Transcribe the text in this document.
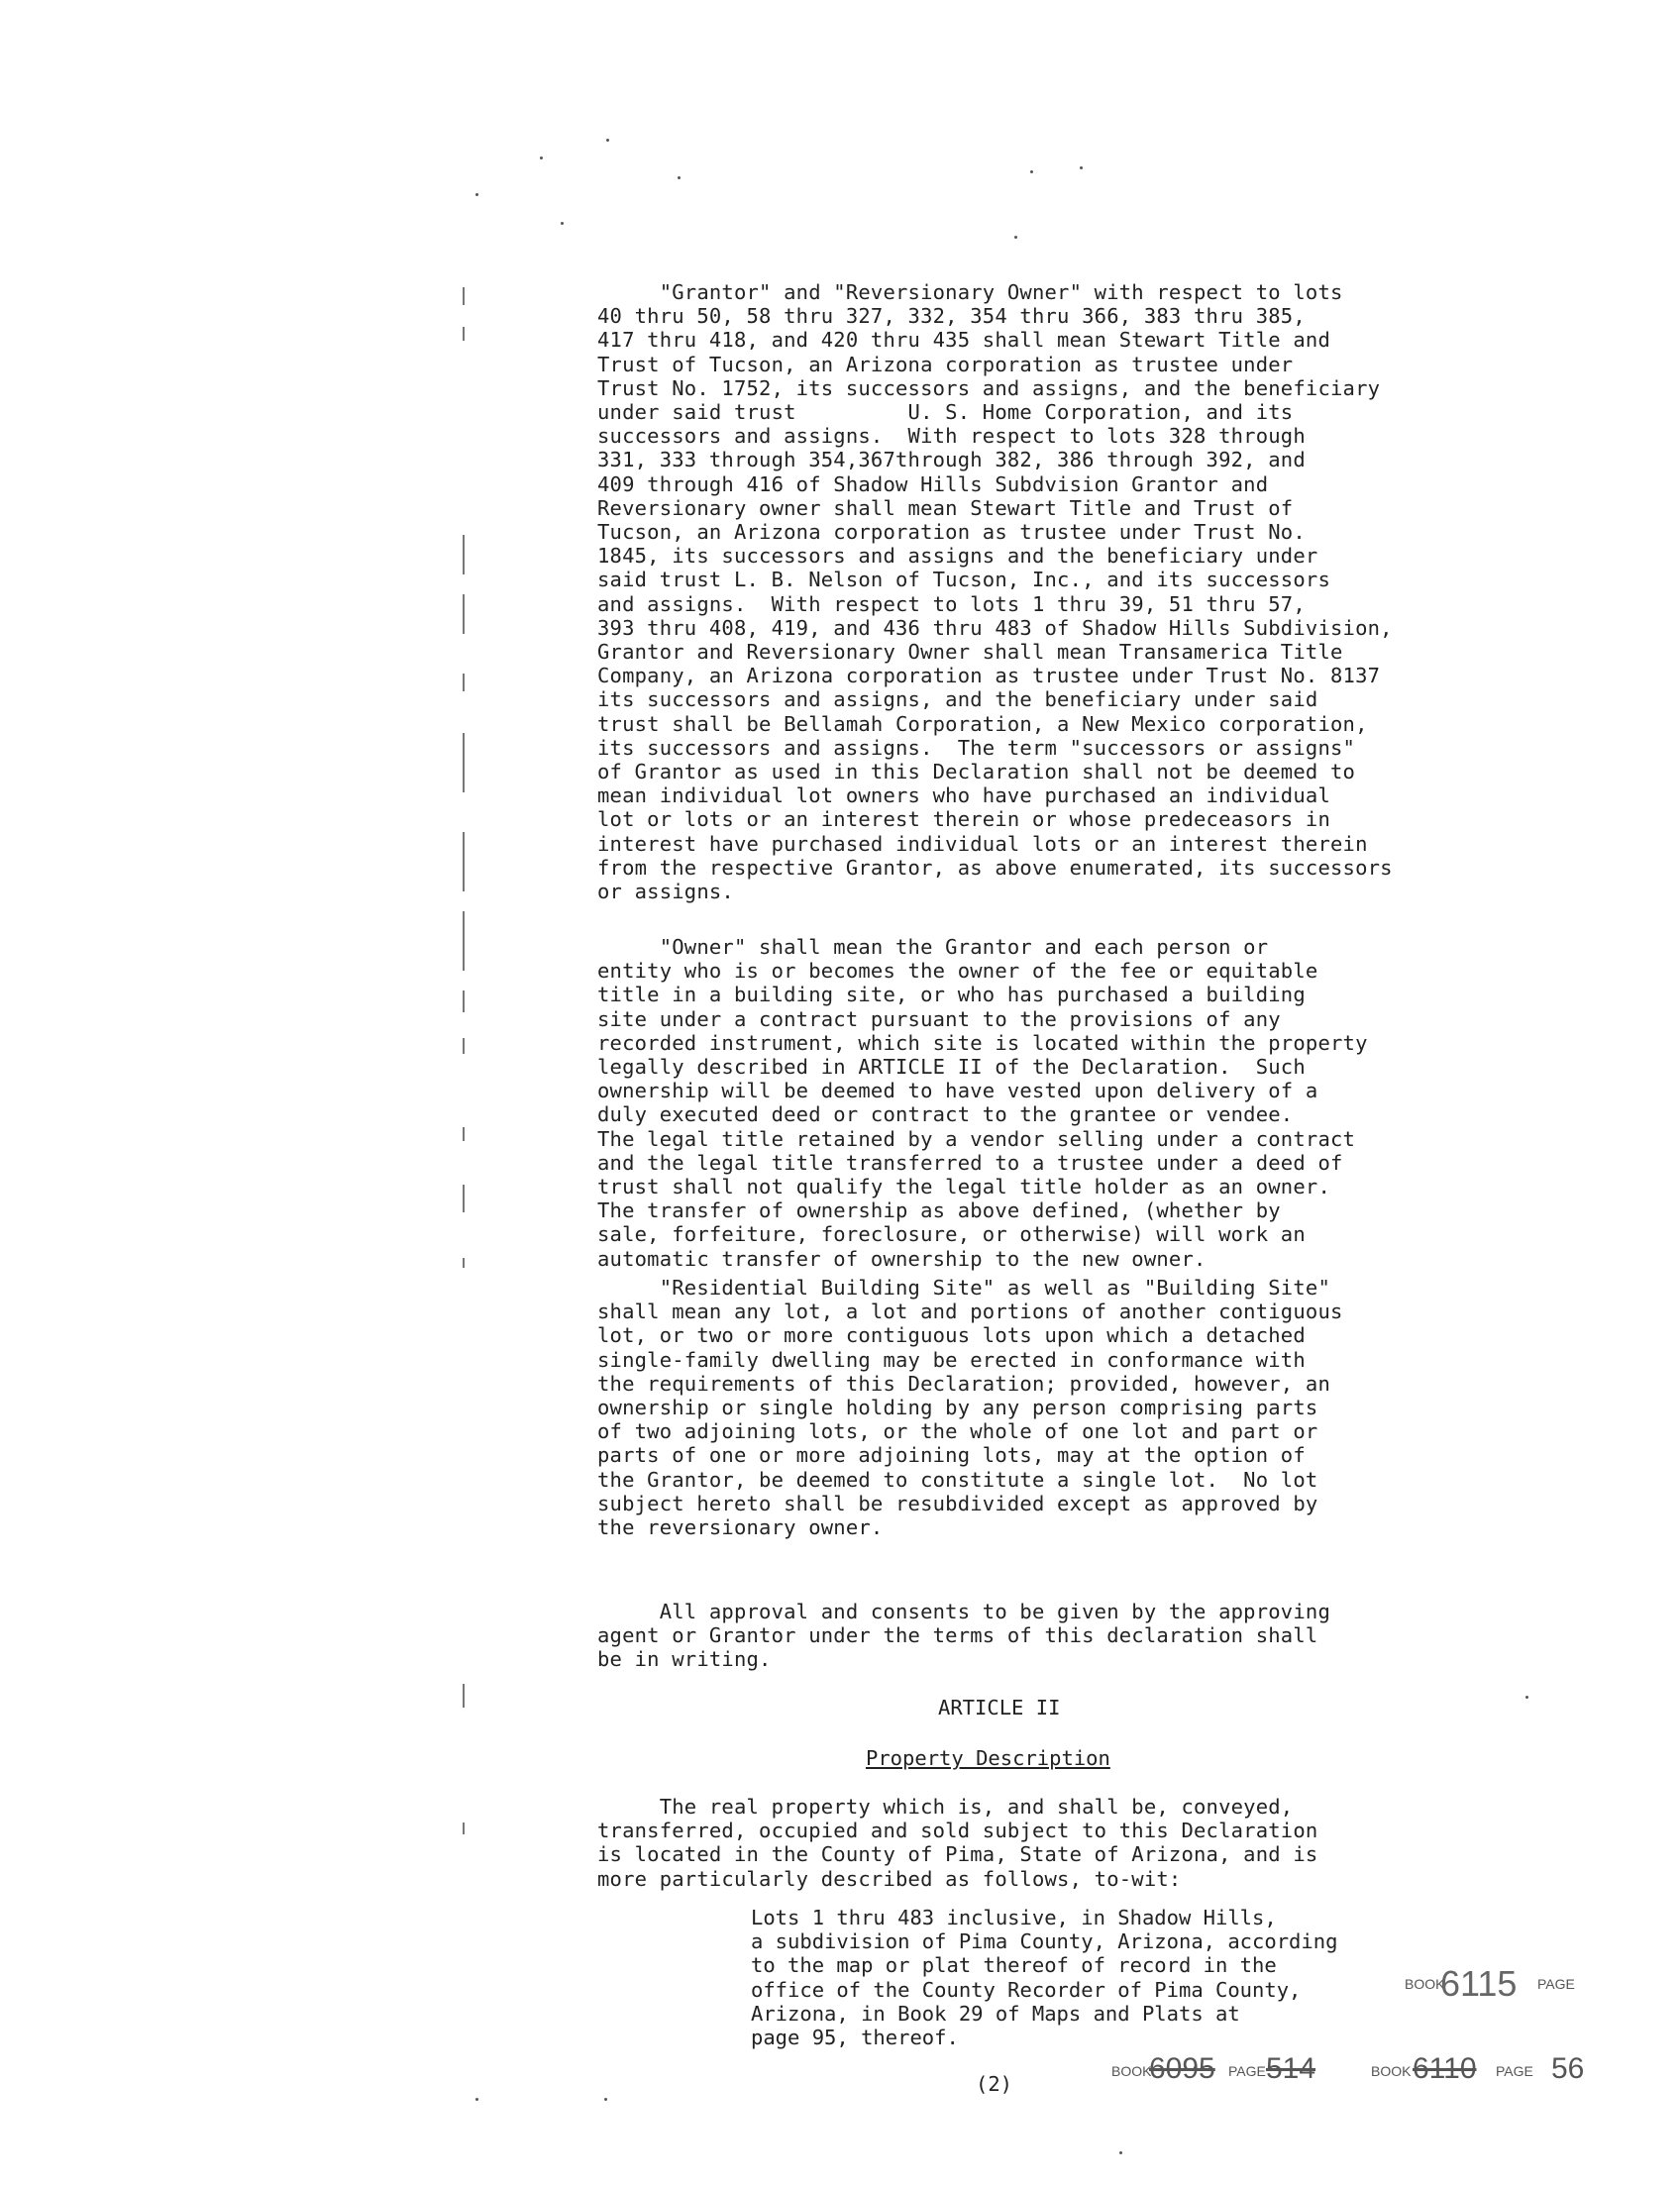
"Grantor" and "Reversionary Owner" with respect to lots
40 thru 50, 58 thru 327, 332, 354 thru 366, 383 thru 385,
417 thru 418, and 420 thru 435 shall mean Stewart Title and
Trust of Tucson, an Arizona corporation as trustee under
Trust No. 1752, its successors and assigns, and the beneficiary
under said trust         U. S. Home Corporation, and its
successors and assigns.  With respect to lots 328 through
331, 333 through 354,367through 382, 386 through 392, and
409 through 416 of Shadow Hills Subdvision Grantor and
Reversionary owner shall mean Stewart Title and Trust of
Tucson, an Arizona corporation as trustee under Trust No.
1845, its successors and assigns and the beneficiary under
said trust L. B. Nelson of Tucson, Inc., and its successors
and assigns.  With respect to lots 1 thru 39, 51 thru 57,
393 thru 408, 419, and 436 thru 483 of Shadow Hills Subdivision,
Grantor and Reversionary Owner shall mean Transamerica Title
Company, an Arizona corporation as trustee under Trust No. 8137
its successors and assigns, and the beneficiary under said
trust shall be Bellamah Corporation, a New Mexico corporation,
its successors and assigns.  The term "successors or assigns"
of Grantor as used in this Declaration shall not be deemed to
mean individual lot owners who have purchased an individual
lot or lots or an interest therein or whose predeceasors in
interest have purchased individual lots or an interest therein
from the respective Grantor, as above enumerated, its successors
or assigns.
"Owner" shall mean the Grantor and each person or
entity who is or becomes the owner of the fee or equitable
title in a building site, or who has purchased a building
site under a contract pursuant to the provisions of any
recorded instrument, which site is located within the property
legally described in ARTICLE II of the Declaration.  Such
ownership will be deemed to have vested upon delivery of a
duly executed deed or contract to the grantee or vendee.
The legal title retained by a vendor selling under a contract
and the legal title transferred to a trustee under a deed of
trust shall not qualify the legal title holder as an owner.
The transfer of ownership as above defined, (whether by
sale, forfeiture, foreclosure, or otherwise) will work an
automatic transfer of ownership to the new owner.
"Residential Building Site" as well as "Building Site"
shall mean any lot, a lot and portions of another contiguous
lot, or two or more contiguous lots upon which a detached
single-family dwelling may be erected in conformance with
the requirements of this Declaration; provided, however, an
ownership or single holding by any person comprising parts
of two adjoining lots, or the whole of one lot and part or
parts of one or more adjoining lots, may at the option of
the Grantor, be deemed to constitute a single lot.  No lot
subject hereto shall be resubdivided except as approved by
the reversionary owner.
All approval and consents to be given by the approving
agent or Grantor under the terms of this declaration shall
be in writing.
ARTICLE II
Property Description
The real property which is, and shall be, conveyed,
transferred, occupied and sold subject to this Declaration
is located in the County of Pima, State of Arizona, and is
more particularly described as follows, to-wit:
Lots 1 thru 483 inclusive, in Shadow Hills,
a subdivision of Pima County, Arizona, according
to the map or plat thereof of record in the
office of the County Recorder of Pima County,
Arizona, in Book 29 of Maps and Plats at
page 95, thereof.
(2)
BOOK
6115 PAGE
BOOK
6095 PAGE 514	BOOK 6110 PAGE 56
